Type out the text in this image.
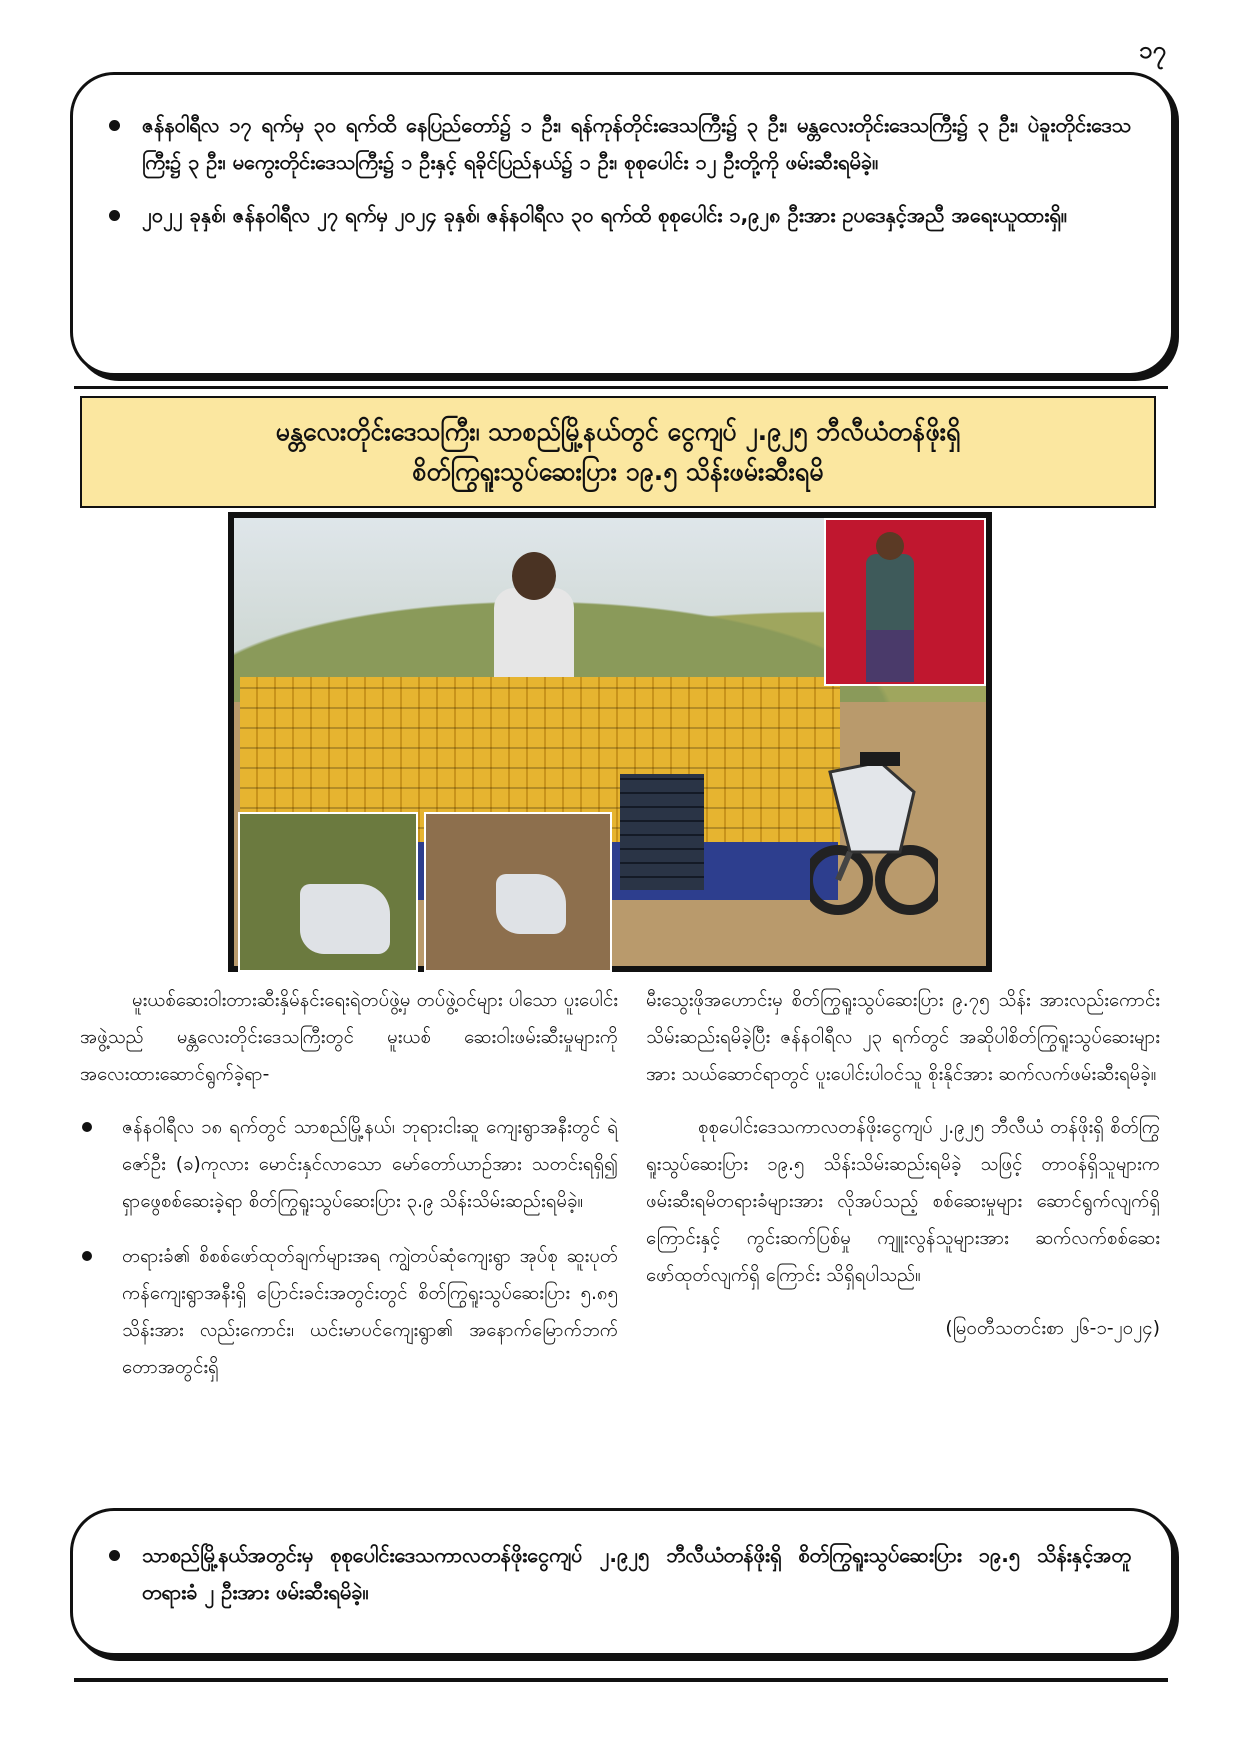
၁၇
ဇန်နဝါရီလ ၁၇ ရက်မှ ၃၀ ရက်ထိ နေပြည်တော်၌ ၁ ဦး၊ ရန်ကုန်တိုင်းဒေသကြီး၌ ၃ ဦး၊ မန္တလေးတိုင်းဒေသကြီး၌ ၃ ဦး၊ ပဲခူးတိုင်းဒေသကြီး၌ ၃ ဦး၊ မကွေးတိုင်းဒေသကြီး၌ ၁ ဦးနှင့် ရခိုင်ပြည်နယ်၌ ၁ ဦး၊ စုစုပေါင်း ၁၂ ဦးတို့ကို ဖမ်းဆီးရမိခဲ့။
၂၀၂၂ ခုနှစ်၊ ဇန်နဝါရီလ ၂၇ ရက်မှ ၂၀၂၄ ခုနှစ်၊ ဇန်နဝါရီလ ၃၀ ရက်ထိ စုစုပေါင်း ၁,၉၂၈ ဦးအား ဥပဒေနှင့်အညီ အရေးယူထားရှိ။
မန္တလေးတိုင်းဒေသကြီး၊ သာစည်မြို့နယ်တွင် ငွေကျပ် ၂.၉၂၅ ဘီလီယံတန်ဖိုးရှိ
စိတ်ကြွရူးသွပ်ဆေးပြား ၁၉.၅ သိန်းဖမ်းဆီးရမိ

မူးယစ်ဆေးဝါးတားဆီးနှိမ်နင်းရေးရဲတပ်ဖွဲ့မှ တပ်ဖွဲ့ဝင်များ ပါသော ပူးပေါင်းအဖွဲ့သည် မန္တလေးတိုင်းဒေသကြီးတွင် မူးယစ် ဆေးဝါးဖမ်းဆီးမှုများကို အလေးထားဆောင်ရွက်ခဲ့ရာ-

ဇန်နဝါရီလ ၁၈ ရက်တွင် သာစည်မြို့နယ်၊ ဘုရားငါးဆူ ကျေးရွာအနီးတွင် ရဲဇော်ဦး (ခ)ကုလား မောင်းနှင်လာသော မော်တော်ယာဉ်အား သတင်းရရှိ၍ ရှာဖွေစစ်ဆေးခဲ့ရာ စိတ်ကြွရူးသွပ်ဆေးပြား ၃.၉ သိန်းသိမ်းဆည်းရမိခဲ့။
တရားခံ၏ စိစစ်ဖော်ထုတ်ချက်များအရ ကျွဲတပ်ဆုံကျေးရွာ အုပ်စု ဆူးပုတ်ကန်ကျေးရွာအနီးရှိ ပြောင်းခင်းအတွင်းတွင် စိတ်ကြွရူးသွပ်ဆေးပြား ၅.၈၅ သိန်းအား လည်းကောင်း၊ ယင်းမာပင်ကျေးရွာ၏ အနောက်မြောက်ဘက်တောအတွင်းရှိ

မီးသွေးဖိုအဟောင်းမှ စိတ်ကြွရူးသွပ်ဆေးပြား ၉.၇၅ သိန်း အားလည်းကောင်း သိမ်းဆည်းရမိခဲ့ပြီး ဇန်နဝါရီလ ၂၃ ရက်တွင် အဆိုပါစိတ်ကြွရူးသွပ်ဆေးများအား သယ်ဆောင်ရာတွင် ပူးပေါင်းပါဝင်သူ စိုးနိုင်အား ဆက်လက်ဖမ်းဆီးရမိခဲ့။

စုစုပေါင်းဒေသကာလတန်ဖိုးငွေကျပ် ၂.၉၂၅ ဘီလီယံ တန်ဖိုးရှိ စိတ်ကြွရူးသွပ်ဆေးပြား ၁၉.၅ သိန်းသိမ်းဆည်းရမိခဲ့ သဖြင့် တာဝန်ရှိသူများက ဖမ်းဆီးရမိတရားခံများအား လိုအပ်သည့် စစ်ဆေးမှုများ ဆောင်ရွက်လျက်ရှိကြောင်းနှင့် ကွင်းဆက်ပြစ်မှု ကျူးလွန်သူများအား ဆက်လက်စစ်ဆေးဖော်ထုတ်လျက်ရှိ ကြောင်း သိရှိရပါသည်။

(မြဝတီသတင်းစာ ၂၆-၁-၂၀၂၄)

သာစည်မြို့နယ်အတွင်းမှ စုစုပေါင်းဒေသကာလတန်ဖိုးငွေကျပ် ၂.၉၂၅ ဘီလီယံတန်ဖိုးရှိ စိတ်ကြွရူးသွပ်ဆေးပြား ၁၉.၅ သိန်းနှင့်အတူ တရားခံ ၂ ဦးအား ဖမ်းဆီးရမိခဲ့။
